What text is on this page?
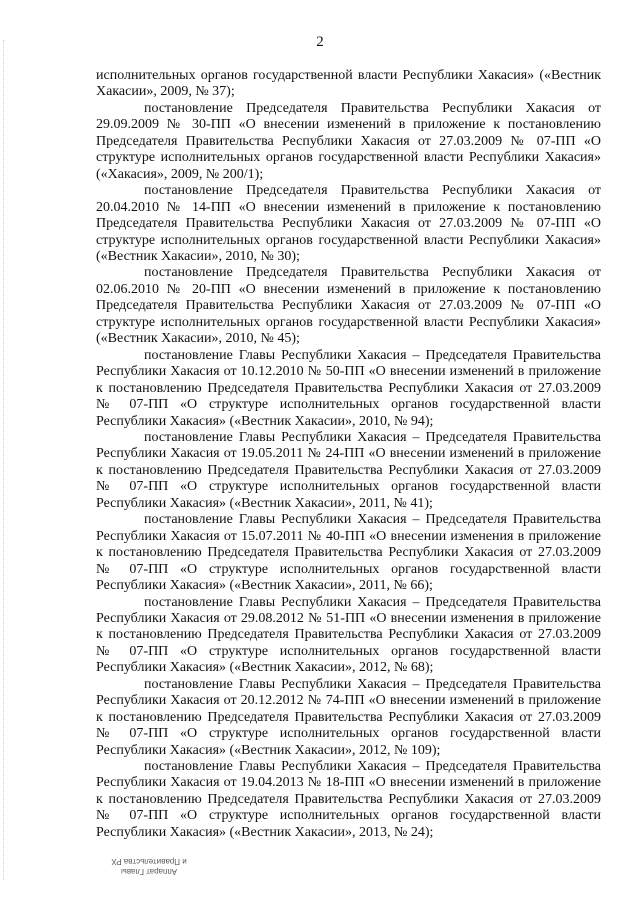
2

исполнительных органов государственной власти Республики Хакасия» («Вестник Хакасии», 2009, № 37);

постановление Председателя Правительства Республики Хакасия от 29.09.2009 № 30-ПП «О внесении изменений в приложение к постановлению Председателя Правительства Республики Хакасия от 27.03.2009 № 07-ПП «О структуре исполнительных органов государственной власти Республики Хакасия» («Хакасия», 2009, № 200/1);

постановление Председателя Правительства Республики Хакасия от 20.04.2010 № 14-ПП «О внесении изменений в приложение к постановлению Председателя Правительства Республики Хакасия от 27.03.2009 № 07-ПП «О структуре исполнительных органов государственной власти Республики Хакасия» («Вестник Хакасии», 2010, № 30);

постановление Председателя Правительства Республики Хакасия от 02.06.2010 № 20-ПП «О внесении изменений в приложение к постановлению Председателя Правительства Республики Хакасия от 27.03.2009 № 07-ПП «О структуре исполнительных органов государственной власти Республики Хакасия» («Вестник Хакасии», 2010, № 45);

постановление Главы Республики Хакасия – Председателя Правительства Республики Хакасия от 10.12.2010 № 50-ПП «О внесении изменений в приложение к постановлению Председателя Правительства Республики Хакасия от 27.03.2009 № 07-ПП «О структуре исполнительных органов государственной власти Республики Хакасия» («Вестник Хакасии», 2010, № 94);

постановление Главы Республики Хакасия – Председателя Правительства Республики Хакасия от 19.05.2011 № 24-ПП «О внесении изменений в приложение к постановлению Председателя Правительства Республики Хакасия от 27.03.2009 № 07-ПП «О структуре исполнительных органов государственной власти Республики Хакасия» («Вестник Хакасии», 2011, № 41);

постановление Главы Республики Хакасия – Председателя Правительства Республики Хакасия от 15.07.2011 № 40-ПП «О внесении изменения в приложение к постановлению Председателя Правительства Республики Хакасия от 27.03.2009 № 07-ПП «О структуре исполнительных органов государственной власти Республики Хакасия» («Вестник Хакасии», 2011, № 66);

постановление Главы Республики Хакасия – Председателя Правительства Республики Хакасия от 29.08.2012 № 51-ПП «О внесении изменения в приложение к постановлению Председателя Правительства Республики Хакасия от 27.03.2009 № 07-ПП «О структуре исполнительных органов государственной власти Республики Хакасия» («Вестник Хакасии», 2012, № 68);

постановление Главы Республики Хакасия – Председателя Правительства Республики Хакасия от 20.12.2012 № 74-ПП «О внесении изменений в приложение к постановлению Председателя Правительства Республики Хакасия от 27.03.2009 № 07-ПП «О структуре исполнительных органов государственной власти Республики Хакасия» («Вестник Хакасии», 2012, № 109);

постановление Главы Республики Хакасия – Председателя Правительства Республики Хакасия от 19.04.2013 № 18-ПП «О внесении изменений в приложение к постановлению Председателя Правительства Республики Хакасия от 27.03.2009 № 07-ПП «О структуре исполнительных органов государственной власти Республики Хакасия» («Вестник Хакасии», 2013, № 24);

Аппарат Главы
и Правительства РХ
